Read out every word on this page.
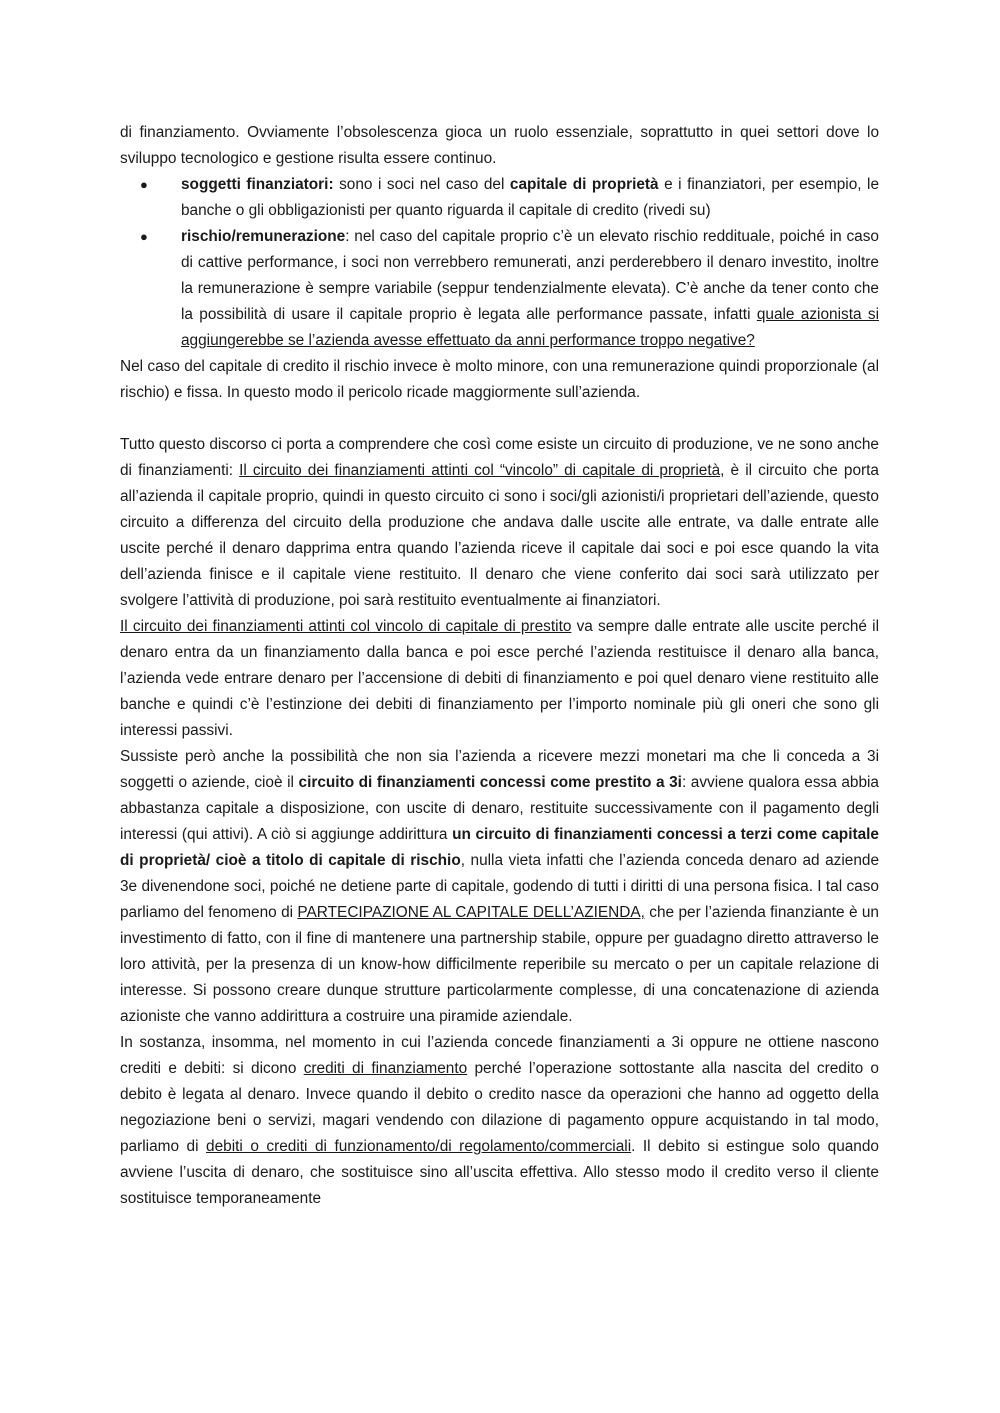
di finanziamento. Ovviamente l’obsolescenza gioca un ruolo essenziale, soprattutto in quei settori dove lo sviluppo tecnologico e gestione risulta essere continuo.

● soggetti finanziatori: sono i soci nel caso del capitale di proprietà e i finanziatori, per esempio, le banche o gli obbligazionisti per quanto riguarda il capitale di credito (rivedi su)
● rischio/remunerazione: nel caso del capitale proprio c’è un elevato rischio reddituale, poiché in caso di cattive performance, i soci non verrebbero remunerati, anzi perderebbero il denaro investito, inoltre la remunerazione è sempre variabile (seppur tendenzialmente elevata). C’è anche da tener conto che la possibilità di usare il capitale proprio è legata alle performance passate, infatti quale azionista si aggiungerebbe se l’azienda avesse effettuato da anni performance troppo negative?

Nel caso del capitale di credito il rischio invece è molto minore, con una remunerazione quindi proporzionale (al rischio) e fissa. In questo modo il pericolo ricade maggiormente sull’azienda.

Tutto questo discorso ci porta a comprendere che così come esiste un circuito di produzione, ve ne sono anche di finanziamenti: Il circuito dei finanziamenti attinti col “vincolo” di capitale di proprietà, è il circuito che porta all’azienda il capitale proprio, quindi in questo circuito ci sono i soci/gli azionisti/i proprietari dell’aziende, questo circuito a differenza del circuito della produzione che andava dalle uscite alle entrate, va dalle entrate alle uscite perché il denaro dapprima entra quando l’azienda riceve il capitale dai soci e poi esce quando la vita dell’azienda finisce e il capitale viene restituito. Il denaro che viene conferito dai soci sarà utilizzato per svolgere l’attività di produzione, poi sarà restituito eventualmente ai finanziatori.

Il circuito dei finanziamenti attinti col vincolo di capitale di prestito va sempre dalle entrate alle uscite perché il denaro entra da un finanziamento dalla banca e poi esce perché l’azienda restituisce il denaro alla banca, l’azienda vede entrare denaro per l’accensione di debiti di finanziamento e poi quel denaro viene restituito alle banche e quindi c’è l’estinzione dei debiti di finanziamento per l’importo nominale più gli oneri che sono gli interessi passivi.

Sussiste però anche la possibilità che non sia l’azienda a ricevere mezzi monetari ma che li conceda a 3i soggetti o aziende, cioè il circuito di finanziamenti concessi come prestito a 3i: avviene qualora essa abbia abbastanza capitale a disposizione, con uscite di denaro, restituite successivamente con il pagamento degli interessi (qui attivi). A ciò si aggiunge addirittura un circuito di finanziamenti concessi a terzi come capitale di proprietà/ cioè a titolo di capitale di rischio, nulla vieta infatti che l’azienda conceda denaro ad aziende 3e divenendone soci, poiché ne detiene parte di capitale, godendo di tutti i diritti di una persona fisica. I tal caso parliamo del fenomeno di PARTECIPAZIONE AL CAPITALE DELL’AZIENDA, che per l’azienda finanziante è un investimento di fatto, con il fine di mantenere una partnership stabile, oppure per guadagno diretto attraverso le loro attività, per la presenza di un know-how difficilmente reperibile su mercato o per un capitale relazione di interesse. Si possono creare dunque strutture particolarmente complesse, di una concatenazione di azienda azioniste che vanno addirittura a costruire una piramide aziendale.

In sostanza, insomma, nel momento in cui l’azienda concede finanziamenti a 3i oppure ne ottiene nascono crediti e debiti: si dicono crediti di finanziamento perché l’operazione sottostante alla nascita del credito o debito è legata al denaro. Invece quando il debito o credito nasce da operazioni che hanno ad oggetto della negoziazione beni o servizi, magari vendendo con dilazione di pagamento oppure acquistando in tal modo, parliamo di debiti o crediti di funzionamento/di regolamento/commerciali. Il debito si estingue solo quando avviene l’uscita di denaro, che sostituisce sino all’uscita effettiva. Allo stesso modo il credito verso il cliente sostituisce temporaneamente
